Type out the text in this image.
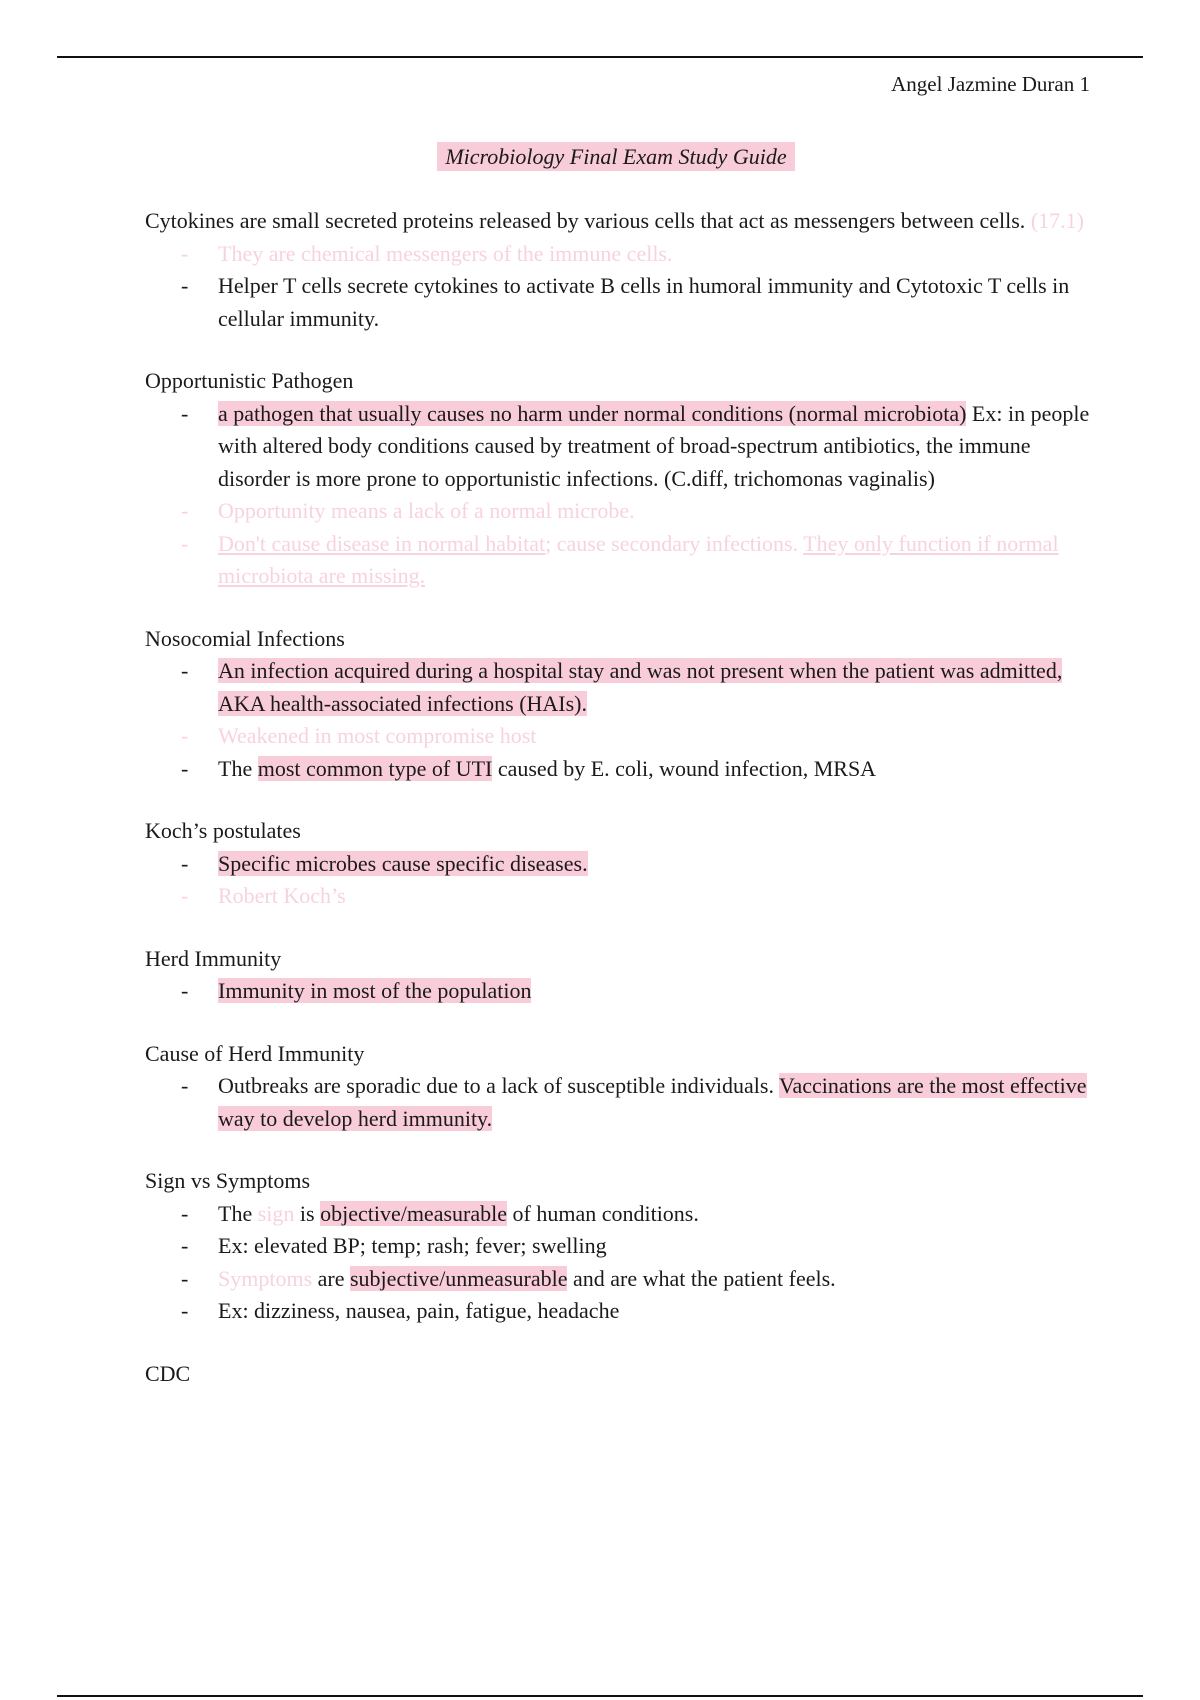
Angel Jazmine Duran 1
Microbiology Final Exam Study Guide

Cytokines are small secreted proteins released by various cells that act as messengers between cells. (17.1)

- They are chemical messengers of the immune cells.
- Helper T cells secrete cytokines to activate B cells in humoral immunity and Cytotoxic T cells in cellular immunity.

Opportunistic Pathogen

- a pathogen that usually causes no harm under normal conditions (normal microbiota) Ex: in people with altered body conditions caused by treatment of broad-spectrum antibiotics, the immune disorder is more prone to opportunistic infections. (C.diff, trichomonas vaginalis)
- Opportunity means a lack of a normal microbe.
- Don't cause disease in normal habitat; cause secondary infections. They only function if normal microbiota are missing.

Nosocomial Infections

- An infection acquired during a hospital stay and was not present when the patient was admitted, AKA health-associated infections (HAIs).
- Weakened in most compromise host
- The most common type of UTI caused by E. coli, wound infection, MRSA

Koch’s postulates

- Specific microbes cause specific diseases.
- Robert Koch’s

Herd Immunity

- Immunity in most of the population

Cause of Herd Immunity

- Outbreaks are sporadic due to a lack of susceptible individuals. Vaccinations are the most effective way to develop herd immunity.

Sign vs Symptoms

- The sign is objective/measurable of human conditions.
- Ex: elevated BP; temp; rash; fever; swelling
- Symptoms are subjective/unmeasurable and are what the patient feels.
- Ex: dizziness, nausea, pain, fatigue, headache

CDC
